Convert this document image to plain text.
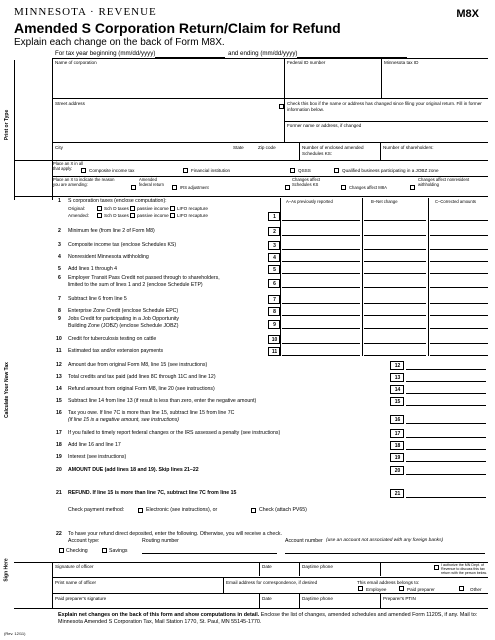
MINNESOTA · REVENUE	M8X
Amended S Corporation Return/Claim for Refund
Explain each change on the back of Form M8X.
For tax year beginning (mm/dd/yyyy)	and ending (mm/dd/yyyy)
Print or Type
Calculate Your New Tax
Sign Here
Name of corporation	Federal ID number	Minnesota tax ID
Street address	Check this box if the name or address has changed since filing your original return. Fill in former information below.
Former name or address, if changed
City	State	Zip code	Number of enclosed amended Schedules KS:
Number of shareholders:
Place an X in all that apply:	Composite income tax	Financial institution	QSSS	Qualified business participating in a JOBZ zone
Place an X to indicate the reason you are amending:
Amended federal return
IRS adjustment
Changes affect Schedules KS
Changes affect M8A
Changes affect nonresident withholding
A–As previously reported	B–Net change	C–Corrected amounts
1 S corporation taxes (enclose computation):
Original:	Sch D taxes passive income LIFO recapture
Amended:	Sch D taxes passive income LIFO recapture
2 Minimum fee (from line 2 of Form M8)	2
3 Composite income tax (enclose Schedules KS)	3
4 Nonresident Minnesota withholding	4
5 Add lines 1 through 4	5
6 Employer Transit Pass Credit not passed through to shareholders,
limited to the sum of lines 1 and 2 (enclose Schedule ETP)	6
7 Subtract line 6 from line 5	7
8 Enterprise Zone Credit (enclose Schedule EPC)	8
9 Jobs Credit for participating in a Job Opportunity
Building Zone (JOBZ) (enclose Schedule JOBZ)	9
10 Credit for tuberculosis testing on cattle	10
11 Estimated tax and/or extension payments	11
1
12 Amount due from original Form M8, line 15 (see instructions)	12
13 Total credits and tax paid (add lines 8C through 11C and line 12)	13
14 Refund amount from original Form M8, line 20 (see instructions)	14
15 Subtract line 14 from line 13 (if result is less than zero, enter the negative amount)	15
16 Tax you owe. If line 7C is more than line 15, subtract line 15 from line 7C
(if line 15 is a negative amount, see instructions)	16
17 If you failed to timely report federal changes or the IRS assessed a penalty (see instructions)	17
18 Add line 16 and line 17	18
19 Interest (see instructions)	19
20 AMOUNT DUE (add lines 18 and 19). Skip lines 21–22	20
21 REFUND. If line 15 is more than line 7C, subtract line 7C from line 15	21
Check payment method:	Electronic (see instructions), or	Check (attach PV65)
22 To have your refund direct deposited, enter the following. Otherwise, you will receive a check.
Account type:	Routing number	Account number (use an account not associated with any foreign banks)
Checking	Savings
Signature of officer	Date	Daytime phone	I authorize the MN Dept. of Revenue to discuss this tax return with the person below.
Print name of officer	Email address for correspondence, if desired	This email address belongs to:
Employee	Paid preparer	Other
Paid preparer's signature	Date	Daytime phone	Preparer's PTIN
Explain net changes on the back of this form and show computations in detail. Enclose the list of changes, amended schedules and amended Form 1120S, if any. Mail to: Minnesota Amended S Corporation Tax, Mail Station 1770, St. Paul, MN 55145-1770.
(Rev. 12/11)
